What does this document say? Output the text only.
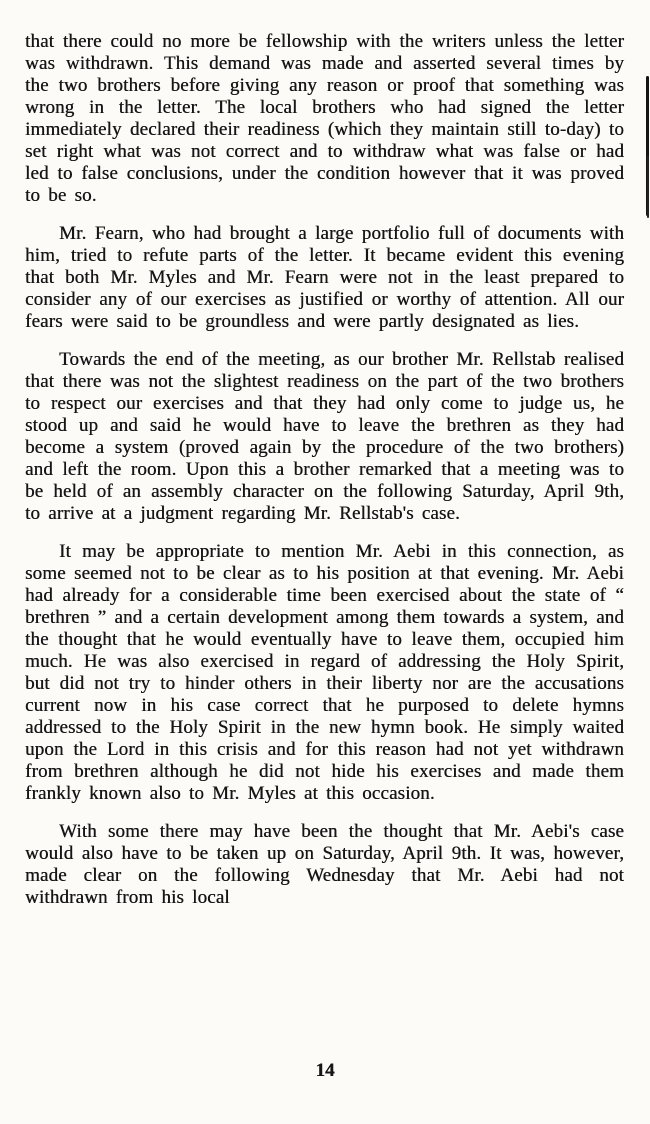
that there could no more be fellowship with the writers unless the letter was withdrawn. This demand was made and asserted several times by the two brothers before giving any reason or proof that something was wrong in the letter. The local brothers who had signed the letter immediately declared their readiness (which they maintain still to-day) to set right what was not correct and to withdraw what was false or had led to false conclusions, under the condition however that it was proved to be so.

Mr. Fearn, who had brought a large portfolio full of documents with him, tried to refute parts of the letter. It became evident this evening that both Mr. Myles and Mr. Fearn were not in the least prepared to consider any of our exercises as justified or worthy of attention. All our fears were said to be groundless and were partly designated as lies.

Towards the end of the meeting, as our brother Mr. Rellstab realised that there was not the slightest readiness on the part of the two brothers to respect our exercises and that they had only come to judge us, he stood up and said he would have to leave the brethren as they had become a system (proved again by the procedure of the two brothers) and left the room. Upon this a brother remarked that a meeting was to be held of an assembly character on the following Saturday, April 9th, to arrive at a judgment regarding Mr. Rellstab's case.

It may be appropriate to mention Mr. Aebi in this connection, as some seemed not to be clear as to his position at that evening. Mr. Aebi had already for a considerable time been exercised about the state of “ brethren ” and a certain development among them towards a system, and the thought that he would eventually have to leave them, occupied him much. He was also exercised in regard of addressing the Holy Spirit, but did not try to hinder others in their liberty nor are the accusations current now in his case correct that he purposed to delete hymns addressed to the Holy Spirit in the new hymn book. He simply waited upon the Lord in this crisis and for this reason had not yet withdrawn from brethren although he did not hide his exercises and made them frankly known also to Mr. Myles at this occasion.

With some there may have been the thought that Mr. Aebi's case would also have to be taken up on Saturday, April 9th. It was, however, made clear on the following Wednesday that Mr. Aebi had not withdrawn from his local

14
